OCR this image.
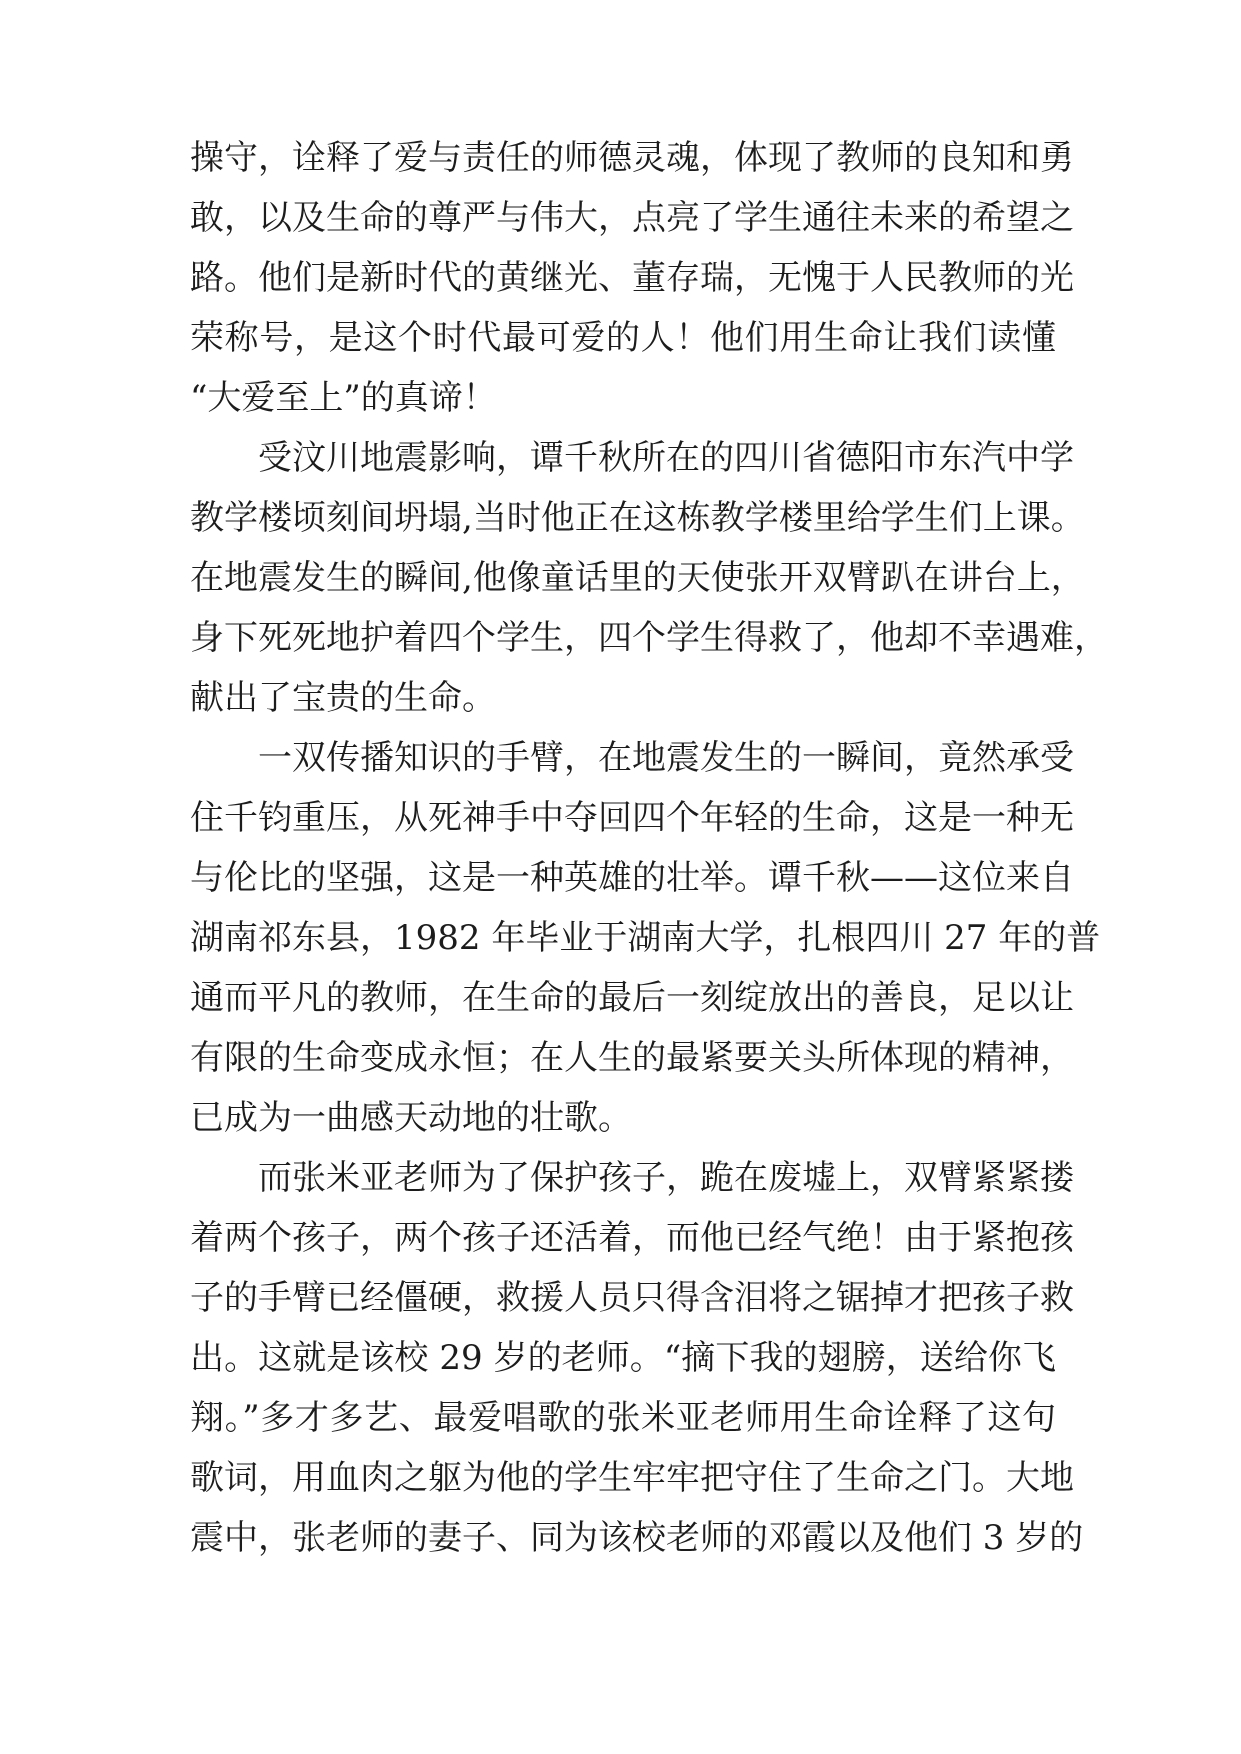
操守，诠释了爱与责任的师德灵魂，体现了教师的良知和勇
敢，以及生命的尊严与伟大，点亮了学生通往未来的希望之
路。他们是新时代的黄继光、董存瑞，无愧于人民教师的光
荣称号，是这个时代最可爱的人！他们用生命让我们读懂
“大爱至上”的真谛！
受汶川地震影响，谭千秋所在的四川省德阳市东汽中学
教学楼顷刻间坍塌,当时他正在这栋教学楼里给学生们上课。
在地震发生的瞬间,他像童话里的天使张开双臂趴在讲台上，
身下死死地护着四个学生，四个学生得救了，他却不幸遇难，
献出了宝贵的生命。
一双传播知识的手臂，在地震发生的一瞬间，竟然承受
住千钧重压，从死神手中夺回四个年轻的生命，这是一种无
与伦比的坚强，这是一种英雄的壮举。谭千秋——这位来自
湖南祁东县，1982 年毕业于湖南大学，扎根四川 27 年的普
通而平凡的教师，在生命的最后一刻绽放出的善良，足以让
有限的生命变成永恒；在人生的最紧要关头所体现的精神，
已成为一曲感天动地的壮歌。
而张米亚老师为了保护孩子，跪在废墟上，双臂紧紧搂
着两个孩子，两个孩子还活着，而他已经气绝！由于紧抱孩
子的手臂已经僵硬，救援人员只得含泪将之锯掉才把孩子救
出。这就是该校 29 岁的老师。“摘下我的翅膀，送给你飞
翔。”多才多艺、最爱唱歌的张米亚老师用生命诠释了这句
歌词，用血肉之躯为他的学生牢牢把守住了生命之门。大地
震中，张老师的妻子、同为该校老师的邓霞以及他们 3 岁的
